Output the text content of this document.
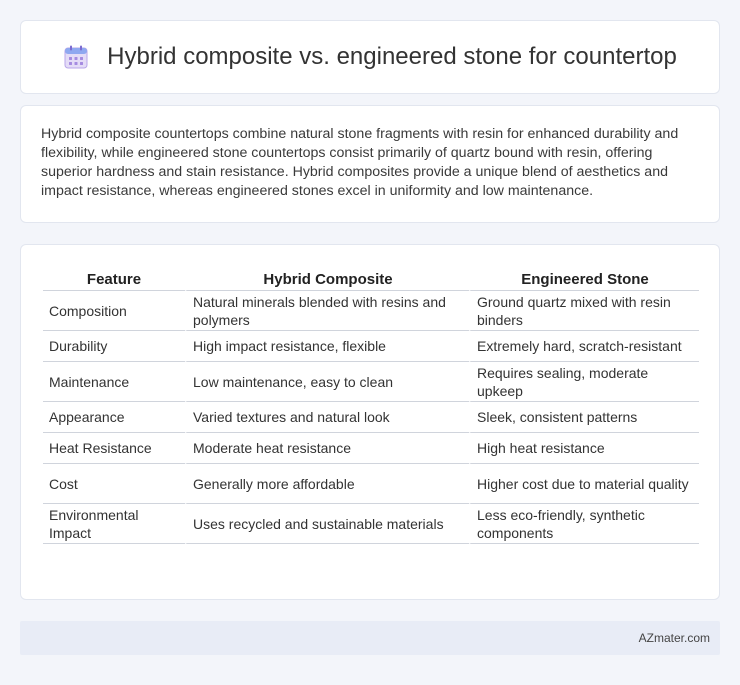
Hybrid composite vs. engineered stone for countertop

Hybrid composite countertops combine natural stone fragments with resin for enhanced durability and flexibility, while engineered stone countertops consist primarily of quartz bound with resin, offering superior hardness and stain resistance. Hybrid composites provide a unique blend of aesthetics and impact resistance, whereas engineered stones excel in uniformity and low maintenance.

Feature	Hybrid Composite	Engineered Stone
Composition	Natural minerals blended with resins and polymers	Ground quartz mixed with resin binders
Durability	High impact resistance, flexible	Extremely hard, scratch-resistant
Maintenance	Low maintenance, easy to clean	Requires sealing, moderate upkeep
Appearance	Varied textures and natural look	Sleek, consistent patterns
Heat Resistance	Moderate heat resistance	High heat resistance
Cost	Generally more affordable	Higher cost due to material quality
Environmental Impact	Uses recycled and sustainable materials	Less eco-friendly, synthetic components
AZmater.com
